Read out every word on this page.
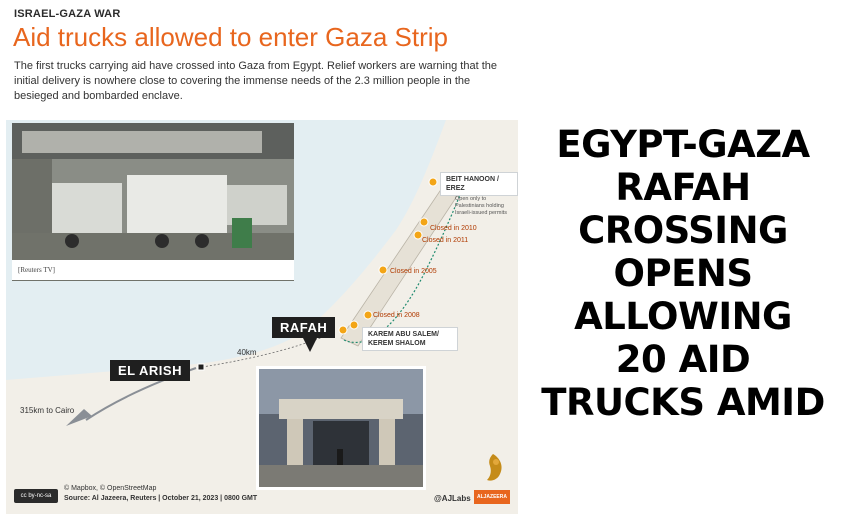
ISRAEL-GAZA WAR
Aid trucks allowed to enter Gaza Strip
The first trucks carrying aid have crossed into Gaza from Egypt. Relief workers are warning that the initial delivery is nowhere close to covering the immense needs of the 2.3 million people in the besieged and bombarded enclave.
[Reuters TV]
BEIT HANOON / EREZ
Open only to Palestinians holding Israeli-issued permits
Closed in 2010
Closed in 2011
Closed in 2005
Closed in 2008
KAREM ABU SALEM/ KEREM SHALOM
RAFAH
EL ARISH
40km
315km to Cairo
cc by-nc-sa
© Mapbox, © OpenStreetMap
Source: Al Jazeera, Reuters | October 21, 2023 | 0800 GMT	@AJLabs	ALJAZEERA
EGYPT-GAZA
RAFAH
CROSSING
OPENS
ALLOWING
20 AID
TRUCKS AMID
